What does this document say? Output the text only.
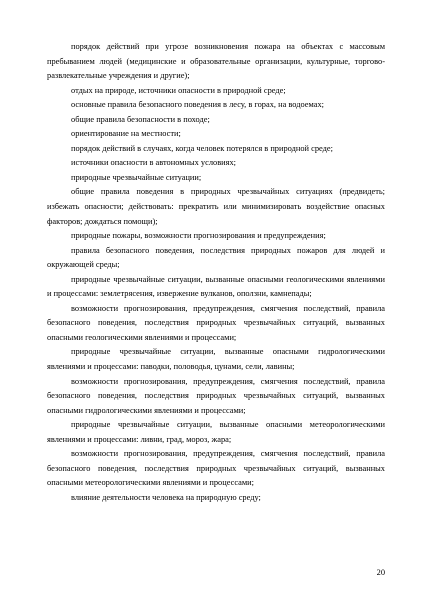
порядок действий при угрозе возникновения пожара на объектах с массовым пребыванием людей (медицинские и образовательные организации, культурные, торгово-развлекательные учреждения и другие);

отдых на природе, источники опасности в природной среде;

основные правила безопасного поведения в лесу, в горах, на водоемах;

общие правила безопасности в походе;

ориентирование на местности;

порядок действий в случаях, когда человек потерялся в природной среде;

источники опасности в автономных условиях;

природные чрезвычайные ситуации;

общие правила поведения в природных чрезвычайных ситуациях (предвидеть; избежать опасности; действовать: прекратить или минимизировать воздействие опасных факторов; дождаться помощи);

природные пожары, возможности прогнозирования и предупреждения;

правила безопасного поведения, последствия природных пожаров для людей и окружающей среды;

природные чрезвычайные ситуации, вызванные опасными геологическими явлениями и процессами: землетрясения, извержение вулканов, оползни, камнепады;

возможности прогнозирования, предупреждения, смягчения последствий, правила безопасного поведения, последствия природных чрезвычайных ситуаций, вызванных опасными геологическими явлениями и процессами;

природные чрезвычайные ситуации, вызванные опасными гидрологическими явлениями и процессами: паводки, половодья, цунами, сели, лавины;

возможности прогнозирования, предупреждения, смягчения последствий, правила безопасного поведения, последствия природных чрезвычайных ситуаций, вызванных опасными гидрологическими явлениями и процессами;

природные чрезвычайные ситуации, вызванные опасными метеорологическими явлениями и процессами: ливни, град, мороз, жара;

возможности прогнозирования, предупреждения, смягчения последствий, правила безопасного поведения, последствия природных чрезвычайных ситуаций, вызванных опасными метеорологическими явлениями и процессами;

влияние деятельности человека на природную среду;

20
